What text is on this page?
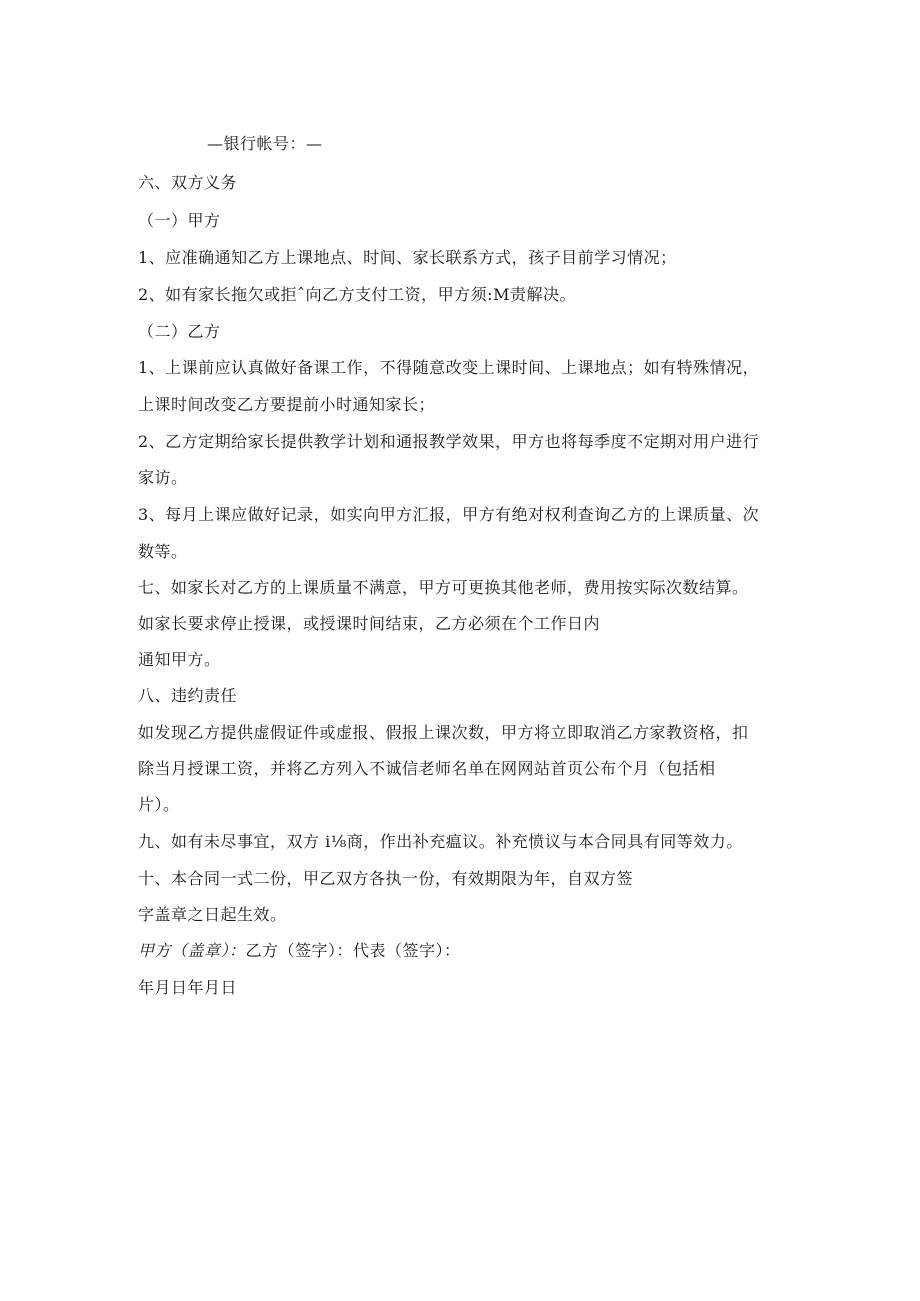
—银行帐号：—
六、双方义务
（一）甲方
1、应准确通知乙方上课地点、时间、家长联系方式，孩子目前学习情况；
2、如有家长拖欠或拒ˆ向乙方支付工资，甲方须:M责解决。
（二）乙方
1、上课前应认真做好备课工作，不得随意改变上课时间、上课地点；如有特殊情况，
上课时间改变乙方要提前小时通知家长；
2、乙方定期给家长提供教学计划和通报教学效果，甲方也将每季度不定期对用户进行
家访。
3、每月上课应做好记录，如实向甲方汇报，甲方有绝对权利查询乙方的上课质量、次
数等。
七、如家长对乙方的上课质量不满意，甲方可更换其他老师，费用按实际次数结算。
如家长要求停止授课，或授课时间结束，乙方必须在个工作日内
通知甲方。
八、违约责任
如发现乙方提供虚假证件或虚报、假报上课次数，甲方将立即取消乙方家教资格，扣
除当月授课工资，并将乙方列入不诚信老师名单在网网站首页公布个月（包括相
片）。
九、如有未尽事宜，双方 i⅛商，作出补充瘟议。补充愤议与本合同具有同等效力。
十、本合同一式二份，甲乙双方各执一份，有效期限为年，自双方签
字盖章之日起生效。
甲方（盖章）：乙方（签字）：代表（签字）：
年月日年月日
